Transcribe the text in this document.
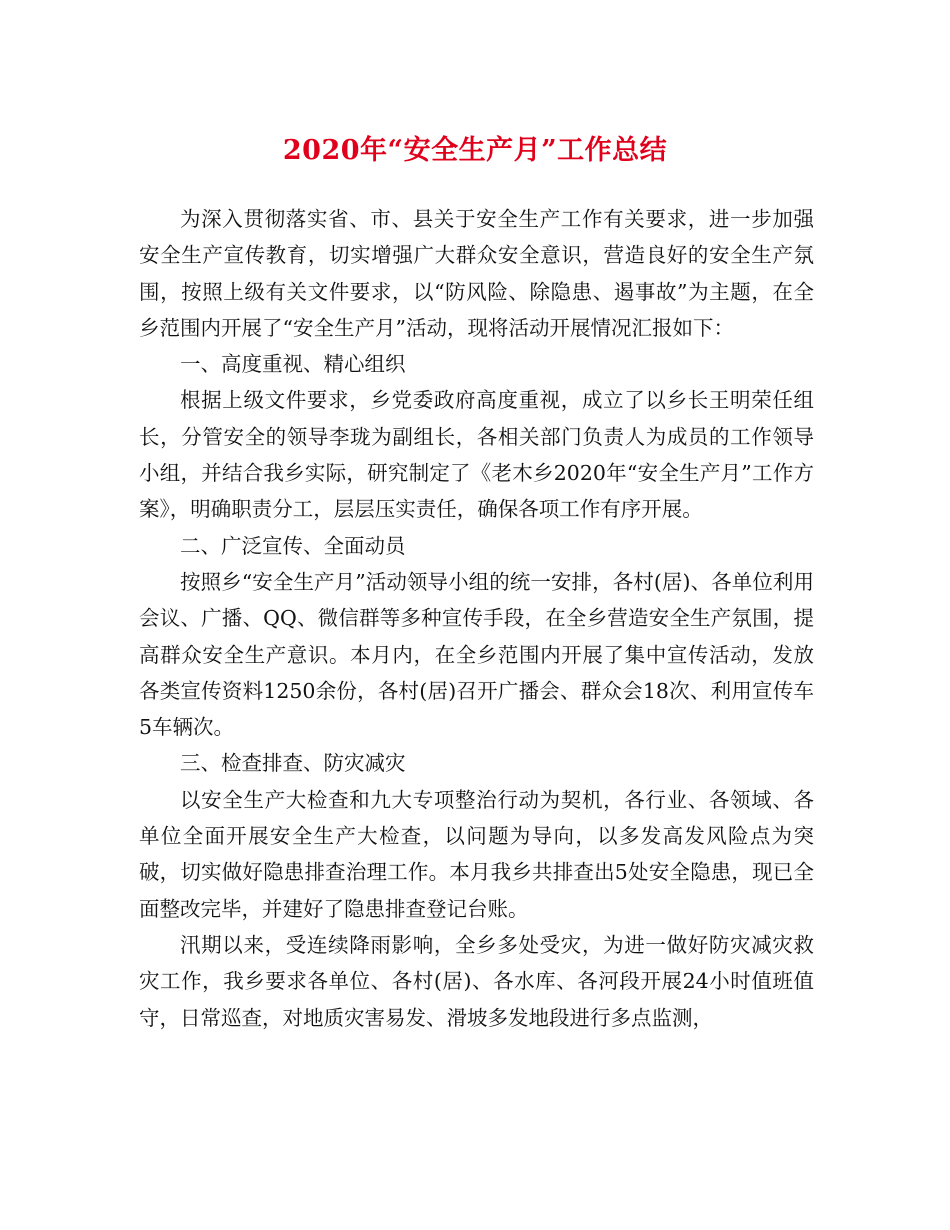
2020年“安全生产月”工作总结

为深入贯彻落实省、市、县关于安全生产工作有关要求，进一步加强安全生产宣传教育，切实增强广大群众安全意识，营造良好的安全生产氛围，按照上级有关文件要求，以“防风险、除隐患、遏事故”为主题，在全乡范围内开展了“安全生产月”活动，现将活动开展情况汇报如下：

一、高度重视、精心组织

根据上级文件要求，乡党委政府高度重视，成立了以乡长王明荣任组长，分管安全的领导李珑为副组长，各相关部门负责人为成员的工作领导小组，并结合我乡实际，研究制定了《老木乡2020年“安全生产月”工作方案》，明确职责分工，层层压实责任，确保各项工作有序开展。

二、广泛宣传、全面动员

按照乡“安全生产月”活动领导小组的统一安排，各村(居)、各单位利用会议、广播、QQ、微信群等多种宣传手段，在全乡营造安全生产氛围，提高群众安全生产意识。本月内，在全乡范围内开展了集中宣传活动，发放各类宣传资料1250余份，各村(居)召开广播会、群众会18次、利用宣传车5车辆次。

三、检查排查、防灾减灾

以安全生产大检查和九大专项整治行动为契机，各行业、各领域、各单位全面开展安全生产大检查，以问题为导向，以多发高发风险点为突破，切实做好隐患排查治理工作。本月我乡共排查出5处安全隐患，现已全面整改完毕，并建好了隐患排查登记台账。

汛期以来，受连续降雨影响，全乡多处受灾，为进一做好防灾减灾救灾工作，我乡要求各单位、各村(居)、各水库、各河段开展24小时值班值守，日常巡查，对地质灾害易发、滑坡多发地段进行多点监测，
